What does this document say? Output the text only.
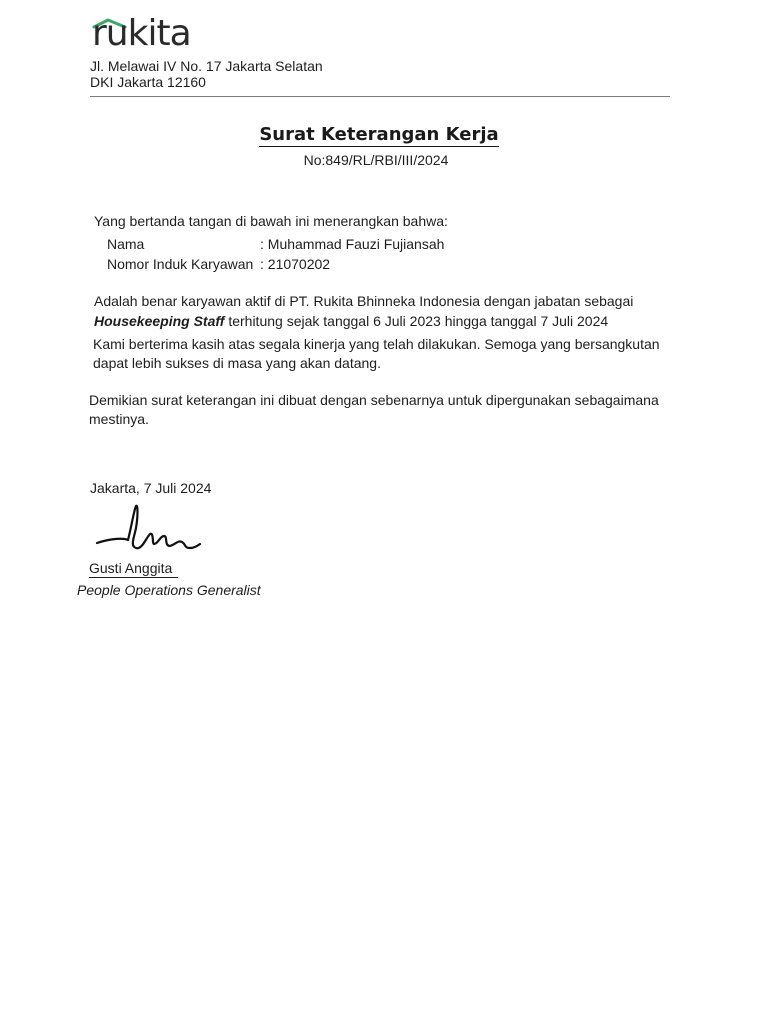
rukita
Jl. Melawai IV No. 17 Jakarta Selatan
DKI Jakarta 12160
Surat Keterangan Kerja
No:849/RL/RBI/III/2024
Yang bertanda tangan di bawah ini menerangkan bahwa:
Nama	: Muhammad Fauzi Fujiansah
Nomor Induk Karyawan : 21070202
Adalah benar karyawan aktif di PT. Rukita Bhinneka Indonesia dengan jabatan sebagai
Housekeeping Staff terhitung sejak tanggal 6 Juli 2023 hingga tanggal 7 Juli 2024
Kami berterima kasih atas segala kinerja yang telah dilakukan. Semoga yang bersangkutan
dapat lebih sukses di masa yang akan datang.
Demikian surat keterangan ini dibuat dengan sebenarnya untuk dipergunakan sebagaimana
mestinya.
Jakarta, 7 Juli 2024
Gusti Anggita
People Operations Generalist
